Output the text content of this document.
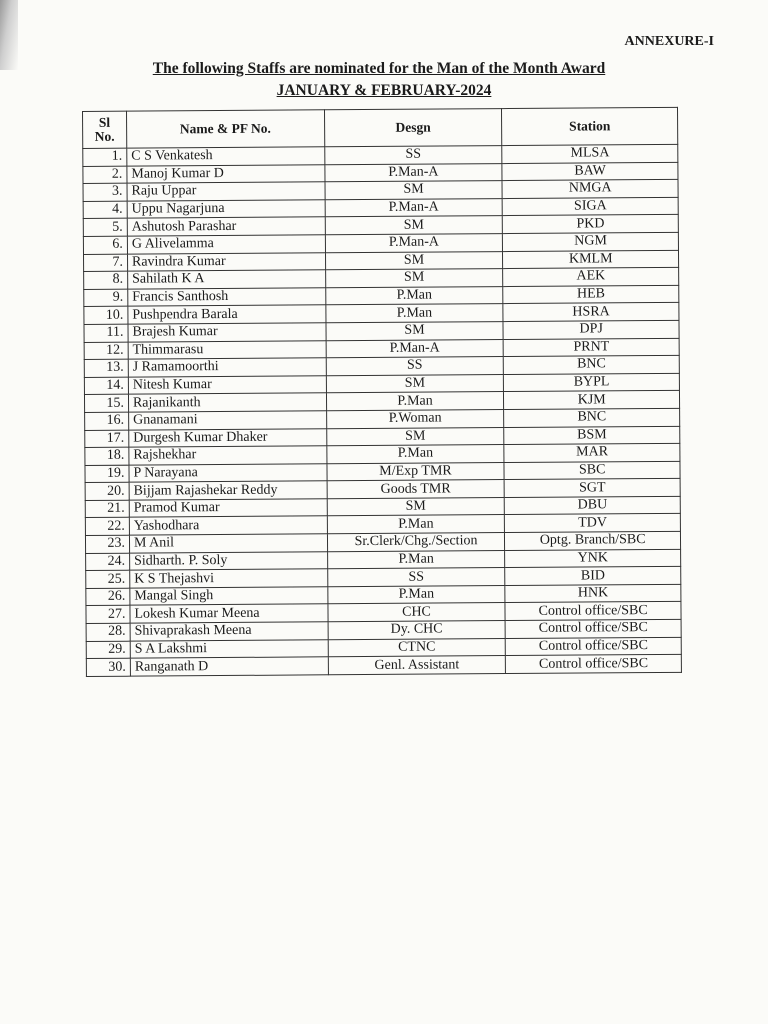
ANNEXURE-I
The following Staffs are nominated for the Man of the Month Award
JANUARY & FEBRUARY-2024
Sl
No.	Name & PF No.	Desgn	Station
1.	C S Venkatesh	SS	MLSA
2.	Manoj Kumar D	P.Man-A	BAW
3.	Raju Uppar	SM	NMGA
4.	Uppu Nagarjuna	P.Man-A	SIGA
5.	Ashutosh Parashar	SM	PKD
6.	G Alivelamma	P.Man-A	NGM
7.	Ravindra Kumar	SM	KMLM
8.	Sahilath K A	SM	AEK
9.	Francis Santhosh	P.Man	HEB
10.	Pushpendra Barala	P.Man	HSRA
11.	Brajesh Kumar	SM	DPJ
12.	Thimmarasu	P.Man-A	PRNT
13.	J Ramamoorthi	SS	BNC
14.	Nitesh Kumar	SM	BYPL
15.	Rajanikanth	P.Man	KJM
16.	Gnanamani	P.Woman	BNC
17.	Durgesh Kumar Dhaker	SM	BSM
18.	Rajshekhar	P.Man	MAR
19.	P Narayana	M/Exp TMR	SBC
20.	Bijjam Rajashekar Reddy	Goods TMR	SGT
21.	Pramod Kumar	SM	DBU
22.	Yashodhara	P.Man	TDV
23.	M Anil	Sr.Clerk/Chg./Section	Optg. Branch/SBC
24.	Sidharth. P. Soly	P.Man	YNK
25.	K S Thejashvi	SS	BID
26.	Mangal Singh	P.Man	HNK
27.	Lokesh Kumar Meena	CHC	Control office/SBC
28.	Shivaprakash Meena	Dy. CHC	Control office/SBC
29.	S A Lakshmi	CTNC	Control office/SBC
30.	Ranganath D	Genl. Assistant	Control office/SBC
